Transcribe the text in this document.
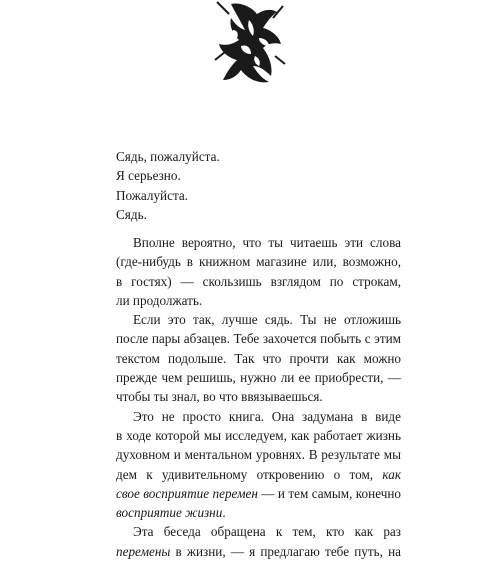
Сядь, пожалуйста.
Я серьезно.
Пожалуйста.
Сядь.
Вполне вероятно, что ты читаешь эти слова
(где-нибудь в книжном магазине или, возможно,
в гостях) — скользишь взглядом по строкам,
ли продолжать.
Если это так, лучше сядь. Ты не отложишь
после пары абзацев. Тебе захочется побыть с этим
текстом подольше. Так что прочти как можно
прежде чем решишь, нужно ли ее приобрести, —
чтобы ты знал, во что ввязываешься.
Это не просто книга. Она задумана в виде
в ходе которой мы исследуем, как работает жизнь
духовном и ментальном уровнях. В результате мы
дем к удивительному откровению о том, как
свое восприятие перемен — и тем самым, конечно
восприятие жизни.
Эта беседа обращена к тем, кто как раз
перемены в жизни, — я предлагаю тебе путь, на
